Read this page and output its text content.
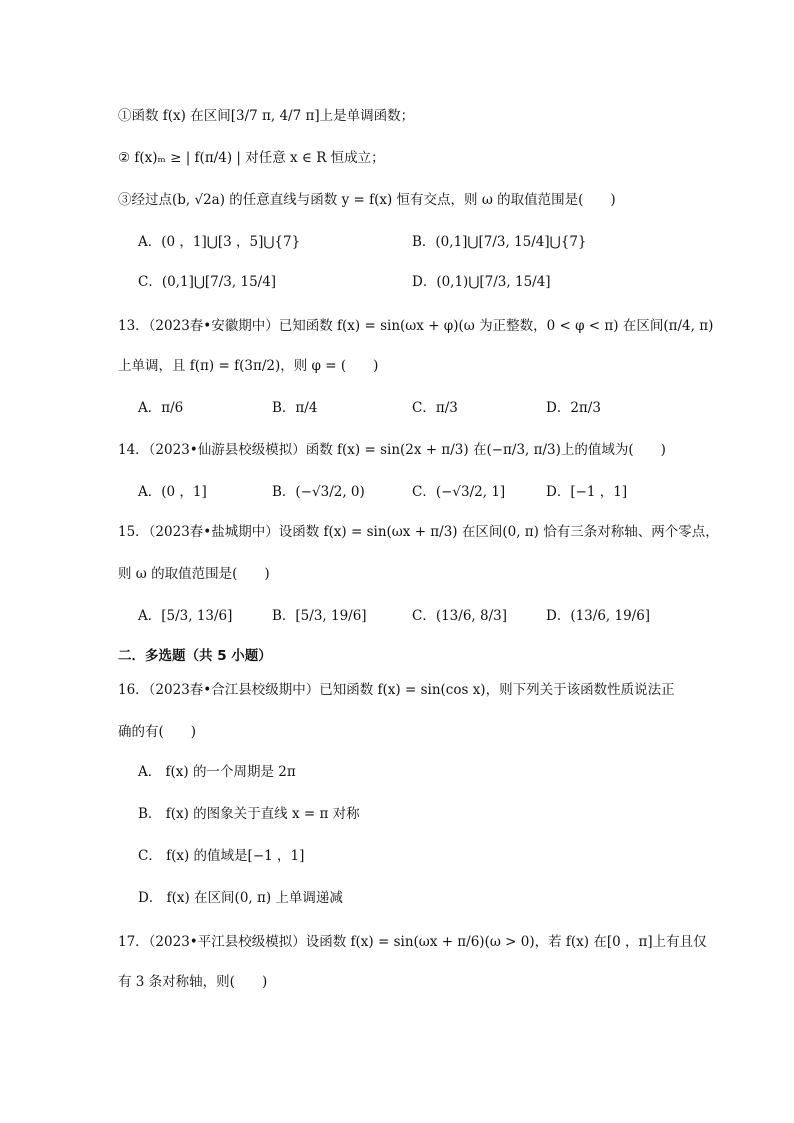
①函数 f(x) 在区间[3/7 π, 4/7 π]上是单调函数；
② f(x)ₘ ≥ | f(π/4) | 对任意 x ∈ R 恒成立；
③经过点(b, √2a) 的任意直线与函数 y = f(x) 恒有交点，则 ω 的取值范围是(　　)
A．(0 ，1]⋃[3 ，5]⋃{7}	B．(0,1]⋃[7/3, 15/4]⋃{7}
C．(0,1]⋃[7/3, 15/4]	D．(0,1)⋃[7/3, 15/4]
13．（2023春•安徽期中）已知函数 f(x) = sin(ωx + φ)(ω 为正整数，0 < φ < π) 在区间(π/4, π)
上单调，且 f(π) = f(3π/2)，则 φ = (　　)
A．π/6	B．π/4	C．π/3	D．2π/3
14．（2023•仙游县校级模拟）函数 f(x) = sin(2x + π/3) 在(−π/3, π/3)上的值域为(　　)
A．(0 ，1]	B．(−√3/2, 0)	C．(−√3/2, 1]	D．[−1 ，1]
15．（2023春•盐城期中）设函数 f(x) = sin(ωx + π/3) 在区间(0, π) 恰有三条对称轴、两个零点，
则 ω 的取值范围是(　　)
A．[5/3, 13/6]	B．[5/3, 19/6]	C．(13/6, 8/3]	D．(13/6, 19/6]
二．多选题（共 5 小题）
16．（2023春•合江县校级期中）已知函数 f(x) = sin(cos x)，则下列关于该函数性质说法正
确的有(　　)
A． f(x) 的一个周期是 2π
B． f(x) 的图象关于直线 x = π 对称
C． f(x) 的值域是[−1 ，1]
D． f(x) 在区间(0, π) 上单调递减
17．（2023•平江县校级模拟）设函数 f(x) = sin(ωx + π/6)(ω > 0)，若 f(x) 在[0 ，π]上有且仅
有 3 条对称轴，则(　　)
